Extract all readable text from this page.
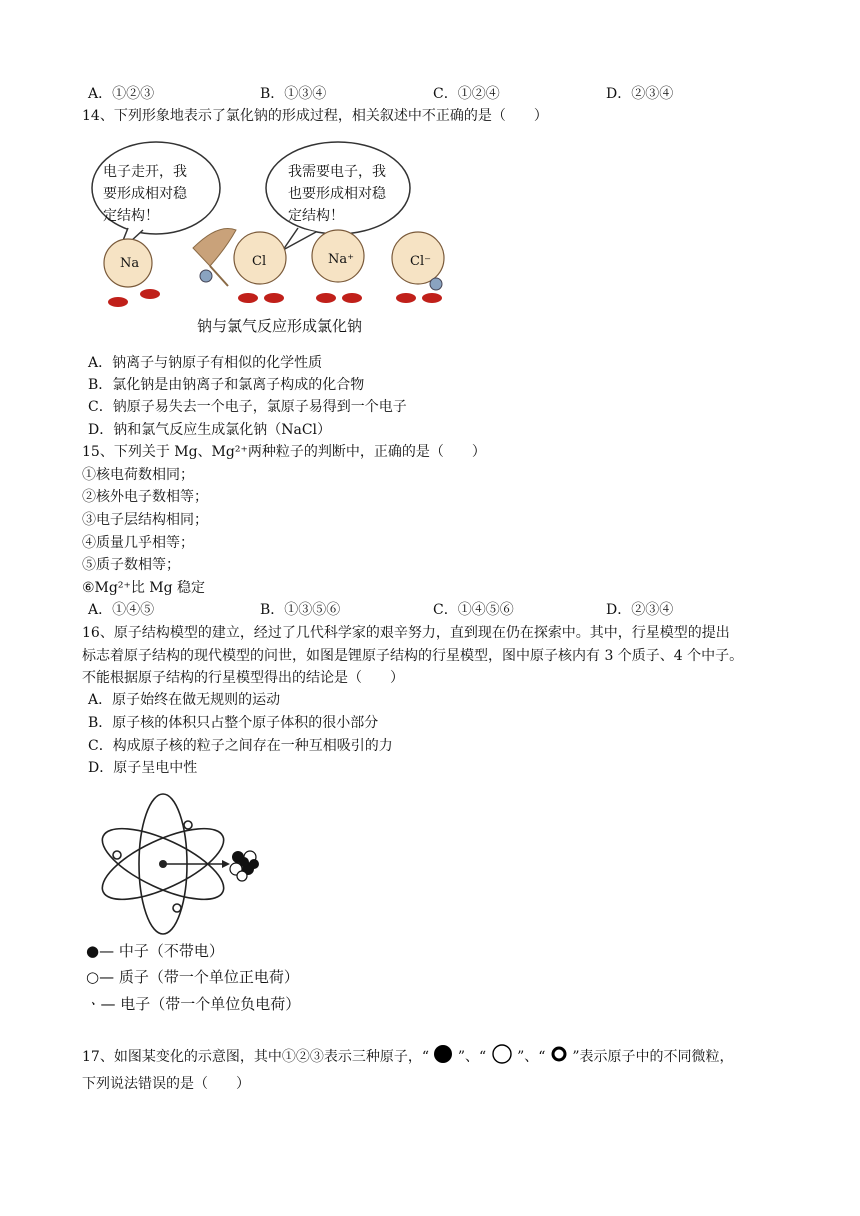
A．①②③	B．①③④	C．①②④	D．②③④
14、下列形象地表示了氯化钠的形成过程，相关叙述中不正确的是（　　）
电子走开，我
要形成相对稳
定结构！
我需要电子，我
也要形成相对稳
定结构！
Na	Cl	Na⁺	Cl⁻
钠与氯气反应形成氯化钠
A．钠离子与钠原子有相似的化学性质
B．氯化钠是由钠离子和氯离子构成的化合物
C．钠原子易失去一个电子，氯原子易得到一个电子
D．钠和氯气反应生成氯化钠（NaCl）
15、下列关于 Mg、Mg²⁺两种粒子的判断中，正确的是（　　）
①核电荷数相同；
②核外电子数相等；
③电子层结构相同；
④质量几乎相等；
⑤质子数相等；
⑥Mg²⁺比 Mg 稳定
A．①④⑤	B．①③⑤⑥	C．①④⑤⑥	D．②③④
16、原子结构模型的建立，经过了几代科学家的艰辛努力，直到现在仍在探索中。其中，行星模型的提出
标志着原子结构的现代模型的问世，如图是锂原子结构的行星模型，图中原子核内有 3 个质子、4 个中子。
不能根据原子结构的行星模型得出的结论是（　　）
A．原子始终在做无规则的运动
B．原子核的体积只占整个原子体积的很小部分
C．构成原子核的粒子之间存在一种互相吸引的力
D．原子呈电中性
●— 中子（不带电）
○— 质子（带一个单位正电荷）
ㆍ— 电子（带一个单位负电荷）
17、如图某变化的示意图，其中①②③表示三种原子，“ ”、“ ”、“ ”表示原子中的不同微粒，
下列说法错误的是（　　）
